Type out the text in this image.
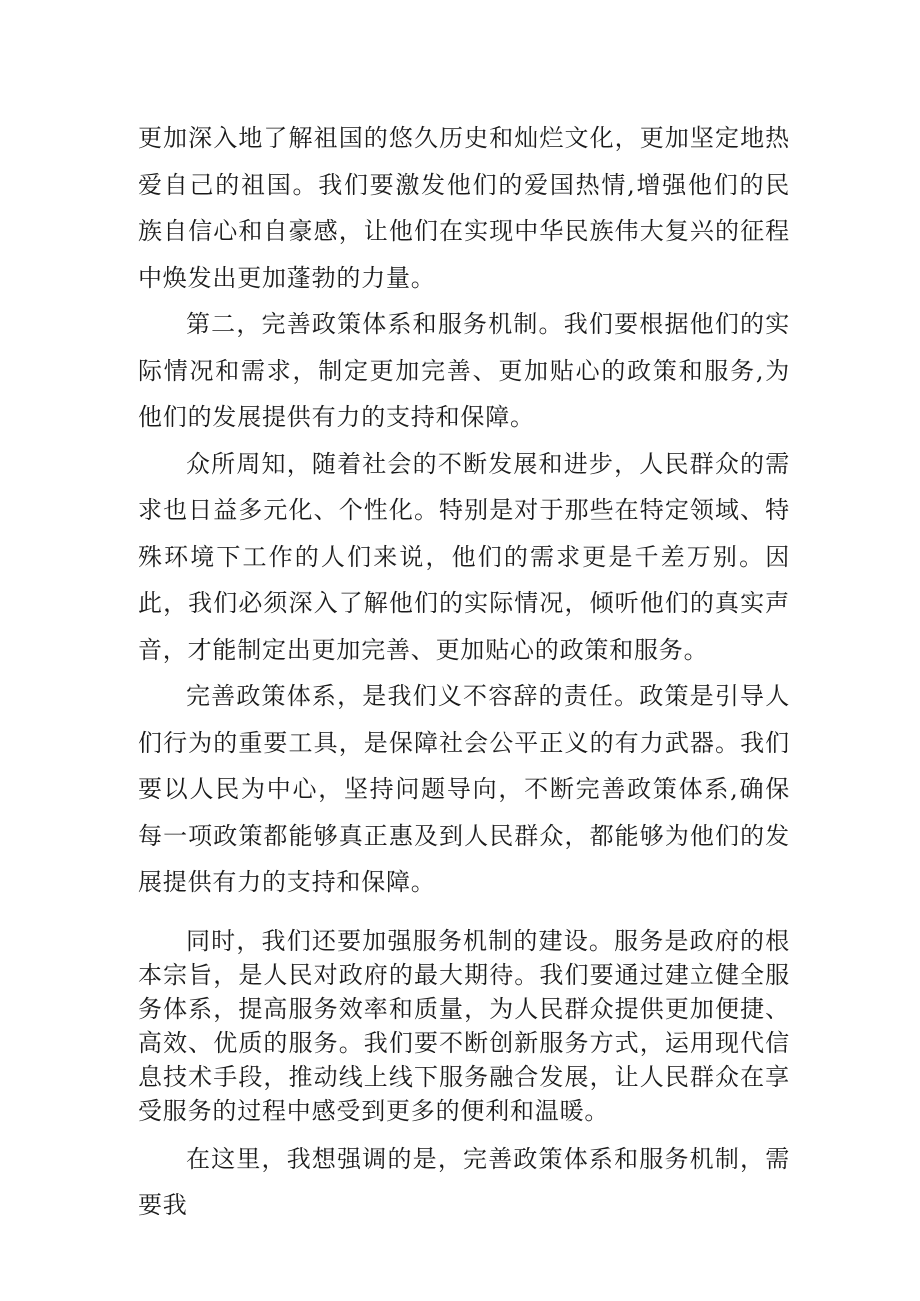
更加深入地了解祖国的悠久历史和灿烂文化，更加坚定地热爱自己的祖国。我们要激发他们的爱国热情,增强他们的民族自信心和自豪感，让他们在实现中华民族伟大复兴的征程中焕发出更加蓬勃的力量。

第二，完善政策体系和服务机制。我们要根据他们的实际情况和需求，制定更加完善、更加贴心的政策和服务,为他们的发展提供有力的支持和保障。

众所周知，随着社会的不断发展和进步，人民群众的需求也日益多元化、个性化。特别是对于那些在特定领域、特殊环境下工作的人们来说，他们的需求更是千差万别。因此，我们必须深入了解他们的实际情况，倾听他们的真实声音，才能制定出更加完善、更加贴心的政策和服务。

完善政策体系，是我们义不容辞的责任。政策是引导人们行为的重要工具，是保障社会公平正义的有力武器。我们要以人民为中心，坚持问题导向，不断完善政策体系,确保每一项政策都能够真正惠及到人民群众，都能够为他们的发展提供有力的支持和保障。

同时，我们还要加强服务机制的建设。服务是政府的根本宗旨，是人民对政府的最大期待。我们要通过建立健全服务体系，提高服务效率和质量，为人民群众提供更加便捷、高效、优质的服务。我们要不断创新服务方式，运用现代信息技术手段，推动线上线下服务融合发展，让人民群众在享受服务的过程中感受到更多的便利和温暖。

在这里，我想强调的是，完善政策体系和服务机制，需要我
